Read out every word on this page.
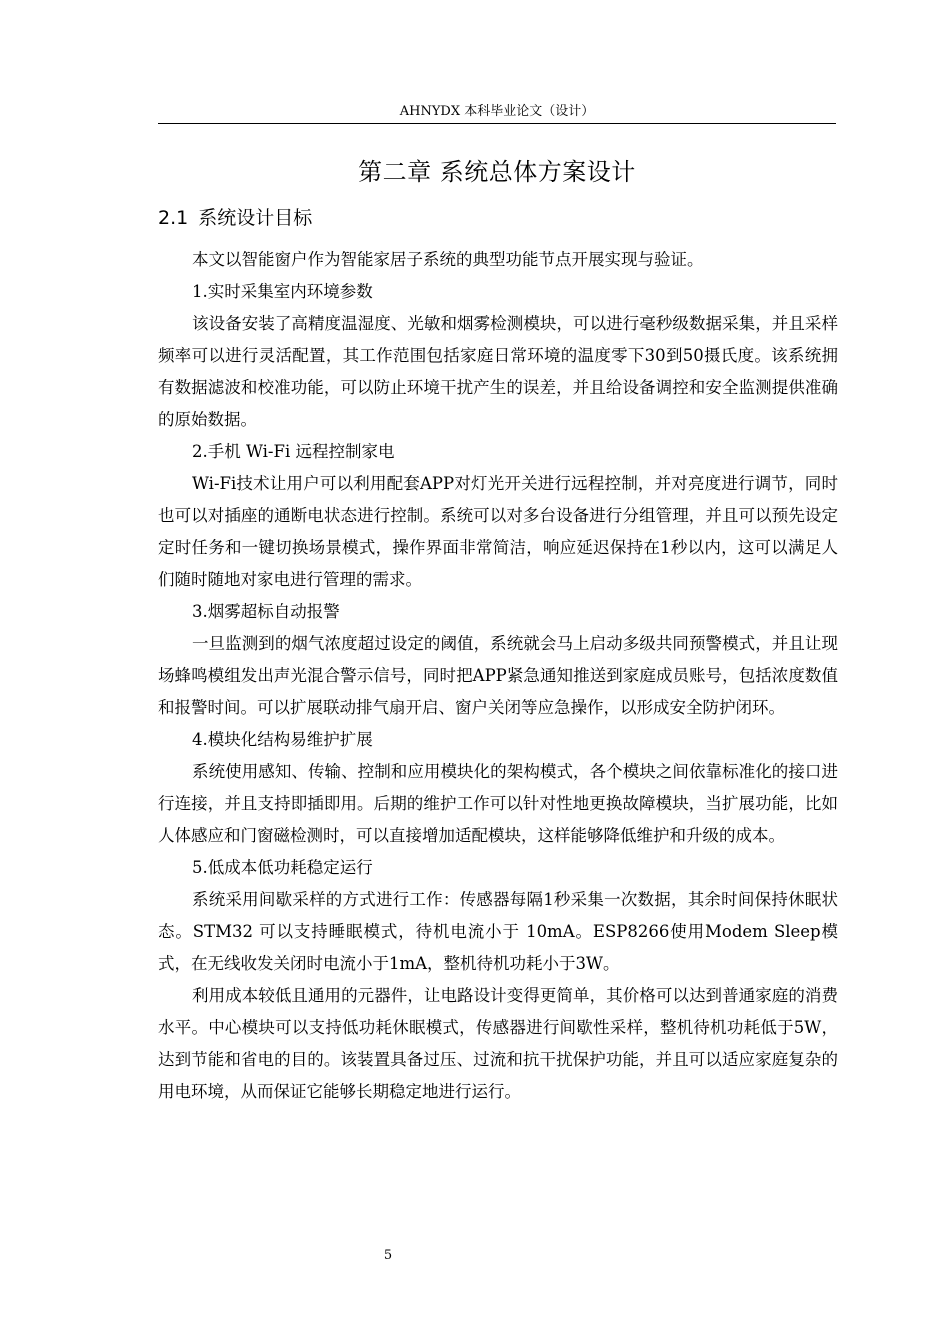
AHNYDX 本科毕业论文（设计）
第二章 系统总体方案设计
2.1 系统设计目标

本文以智能窗户作为智能家居子系统的典型功能节点开展实现与验证。

1.实时采集室内环境参数

该设备安装了高精度温湿度、光敏和烟雾检测模块，可以进行毫秒级数据采集，并且采样频率可以进行灵活配置，其工作范围包括家庭日常环境的温度零下30到50摄氏度。该系统拥有数据滤波和校准功能，可以防止环境干扰产生的误差，并且给设备调控和安全监测提供准确的原始数据。

2.手机 Wi-Fi 远程控制家电

Wi-Fi技术让用户可以利用配套APP对灯光开关进行远程控制，并对亮度进行调节，同时也可以对插座的通断电状态进行控制。系统可以对多台设备进行分组管理，并且可以预先设定定时任务和一键切换场景模式，操作界面非常简洁，响应延迟保持在1秒以内，这可以满足人们随时随地对家电进行管理的需求。

3.烟雾超标自动报警

一旦监测到的烟气浓度超过设定的阈值，系统就会马上启动多级共同预警模式，并且让现场蜂鸣模组发出声光混合警示信号，同时把APP紧急通知推送到家庭成员账号，包括浓度数值和报警时间。可以扩展联动排气扇开启、窗户关闭等应急操作，以形成安全防护闭环。

4.模块化结构易维护扩展

系统使用感知、传输、控制和应用模块化的架构模式，各个模块之间依靠标准化的接口进行连接，并且支持即插即用。后期的维护工作可以针对性地更换故障模块，当扩展功能，比如人体感应和门窗磁检测时，可以直接增加适配模块，这样能够降低维护和升级的成本。

5.低成本低功耗稳定运行

系统采用间歇采样的方式进行工作：传感器每隔1秒采集一次数据，其余时间保持休眠状态。STM32 可以支持睡眠模式，待机电流小于 10mA。ESP8266使用Modem Sleep模式，在无线收发关闭时电流小于1mA，整机待机功耗小于3W。

利用成本较低且通用的元器件，让电路设计变得更简单，其价格可以达到普通家庭的消费水平。中心模块可以支持低功耗休眠模式，传感器进行间歇性采样，整机待机功耗低于5W，达到节能和省电的目的。该装置具备过压、过流和抗干扰保护功能，并且可以适应家庭复杂的用电环境，从而保证它能够长期稳定地进行运行。

5
